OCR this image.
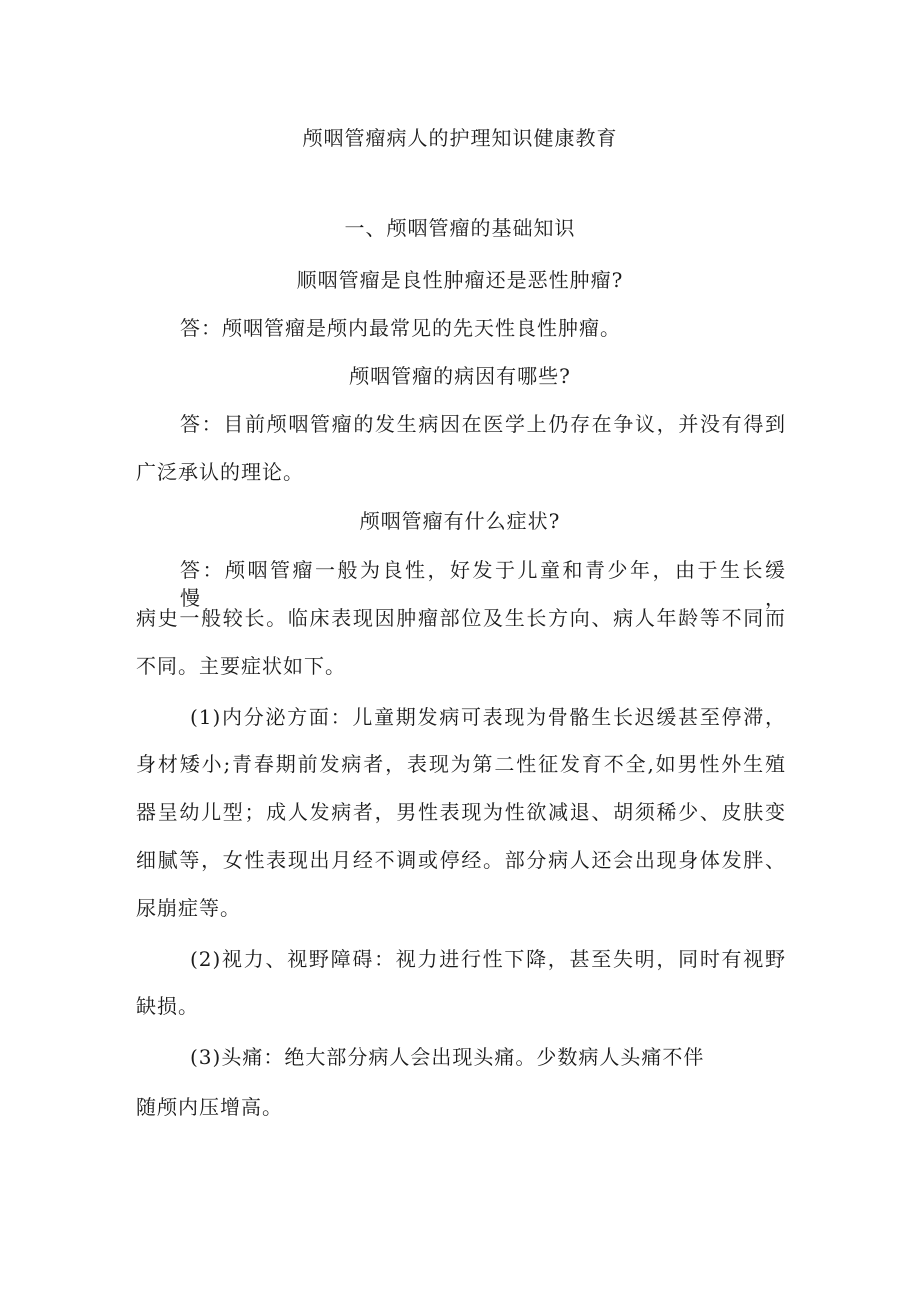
颅咽管瘤病人的护理知识健康教育
一、颅咽管瘤的基础知识
顺咽管瘤是良性肿瘤还是恶性肿瘤?
答：颅咽管瘤是颅内最常见的先天性良性肿瘤。
颅咽管瘤的病因有哪些?
答：目前颅咽管瘤的发生病因在医学上仍存在争议，并没有得到
广泛承认的理论。
颅咽管瘤有什么症状?
答：颅咽管瘤一般为良性，好发于儿童和青少年，由于生长缓慢，
病史一般较长。临床表现因肿瘤部位及生长方向、病人年龄等不同而
不同。主要症状如下。
(1)内分泌方面：儿童期发病可表现为骨骼生长迟缓甚至停滞，
身材矮小;青春期前发病者，表现为第二性征发育不全,如男性外生殖
器呈幼儿型；成人发病者，男性表现为性欲减退、胡须稀少、皮肤变
细腻等，女性表现出月经不调或停经。部分病人还会出现身体发胖、
尿崩症等。
(2)视力、视野障碍：视力进行性下降，甚至失明，同时有视野
缺损。
(3)头痛：绝大部分病人会出现头痛。少数病人头痛不伴
随颅内压增高。
